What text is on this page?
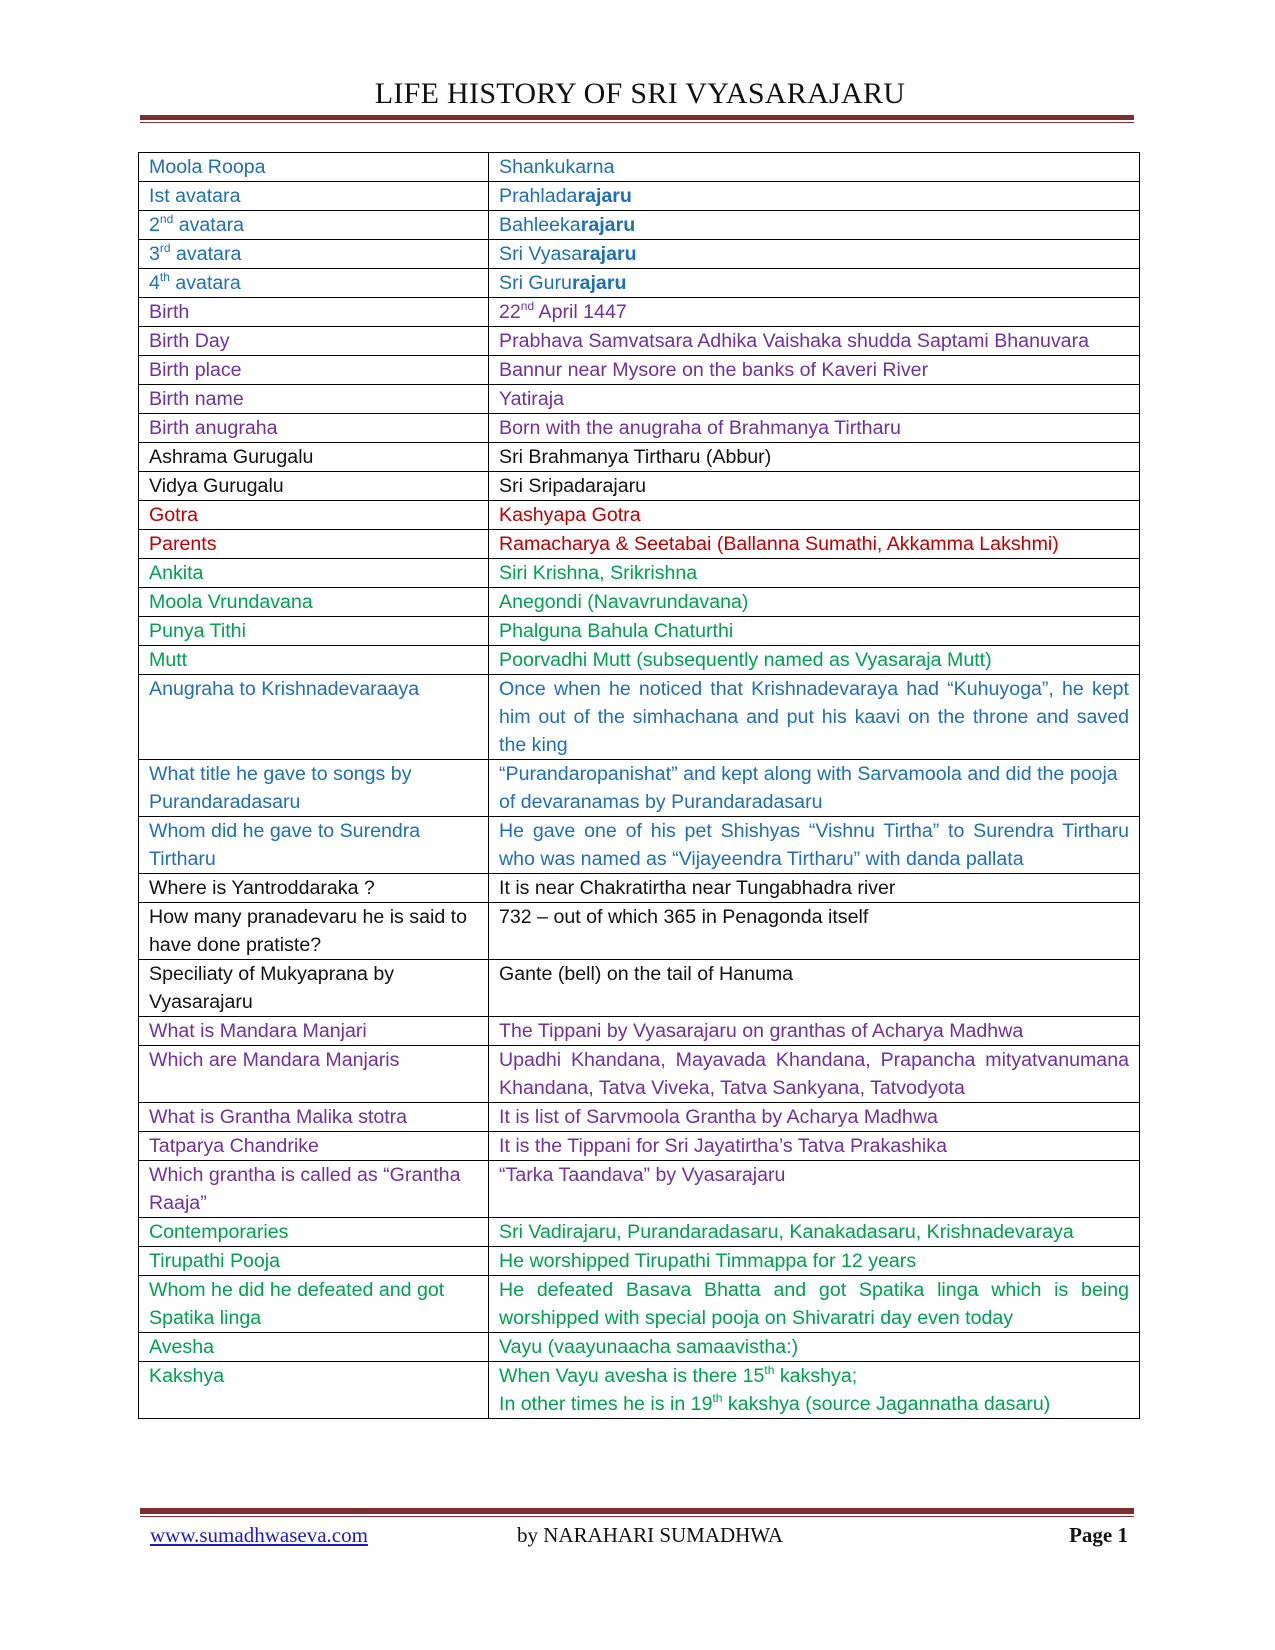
LIFE HISTORY OF SRI VYASARAJARU
Moola Roopa	Shankukarna
Ist avatara	Prahladarajaru
2nd avatara	Bahleekarajaru
3rd avatara	Sri Vyasarajaru
4th avatara	Sri Gururajaru
Birth	22nd April 1447
Birth Day	Prabhava Samvatsara Adhika Vaishaka shudda Saptami Bhanuvara
Birth place	Bannur near Mysore on the banks of Kaveri River
Birth name	Yatiraja
Birth anugraha	Born with the anugraha of Brahmanya Tirtharu
Ashrama Gurugalu	Sri Brahmanya Tirtharu (Abbur)
Vidya Gurugalu	Sri Sripadarajaru
Gotra	Kashyapa Gotra
Parents	Ramacharya & Seetabai (Ballanna Sumathi, Akkamma Lakshmi)
Ankita	Siri Krishna, Srikrishna
Moola Vrundavana	Anegondi (Navavrundavana)
Punya Tithi	Phalguna Bahula Chaturthi
Mutt	Poorvadhi Mutt (subsequently named as Vyasaraja Mutt)
Anugraha to Krishnadevaraaya	Once when he noticed that Krishnadevaraya had “Kuhuyoga”, he kept him out of the simhachana and put his kaavi on the throne and saved the king
What title he gave to songs by Purandaradasaru	“Purandaropanishat” and kept along with Sarvamoola and did the pooja of devaranamas by Purandaradasaru
Whom did he gave to Surendra Tirtharu	He gave one of his pet Shishyas “Vishnu Tirtha” to Surendra Tirtharu who was named as “Vijayeendra Tirtharu” with danda pallata
Where is Yantroddaraka ?	It is near Chakratirtha near Tungabhadra river
How many pranadevaru he is said to have done pratiste?	732 – out of which 365 in Penagonda itself
Speciliaty of Mukyaprana by Vyasarajaru	Gante (bell) on the tail of Hanuma
What is Mandara Manjari	The Tippani by Vyasarajaru on granthas of Acharya Madhwa
Which are Mandara Manjaris	Upadhi Khandana, Mayavada Khandana, Prapancha mityatvanumana Khandana, Tatva Viveka, Tatva Sankyana, Tatvodyota
What is Grantha Malika stotra	It is list of Sarvmoola Grantha by Acharya Madhwa
Tatparya Chandrike	It is the Tippani for Sri Jayatirtha’s Tatva Prakashika
Which grantha is called as “Grantha Raaja”	“Tarka Taandava” by Vyasarajaru
Contemporaries	Sri Vadirajaru, Purandaradasaru, Kanakadasaru, Krishnadevaraya
Tirupathi Pooja	He worshipped Tirupathi Timmappa for 12 years
Whom he did he defeated and got Spatika linga	He defeated Basava Bhatta and got Spatika linga which is being worshipped with special pooja on Shivaratri day even today
Avesha	Vayu (vaayunaacha samaavistha:)
Kakshya	When Vayu avesha is there 15th kakshya;
In other times he is in 19th kakshya (source Jagannatha dasaru)
www.sumadhwaseva.com	by NARAHARI SUMADHWA	Page 1
